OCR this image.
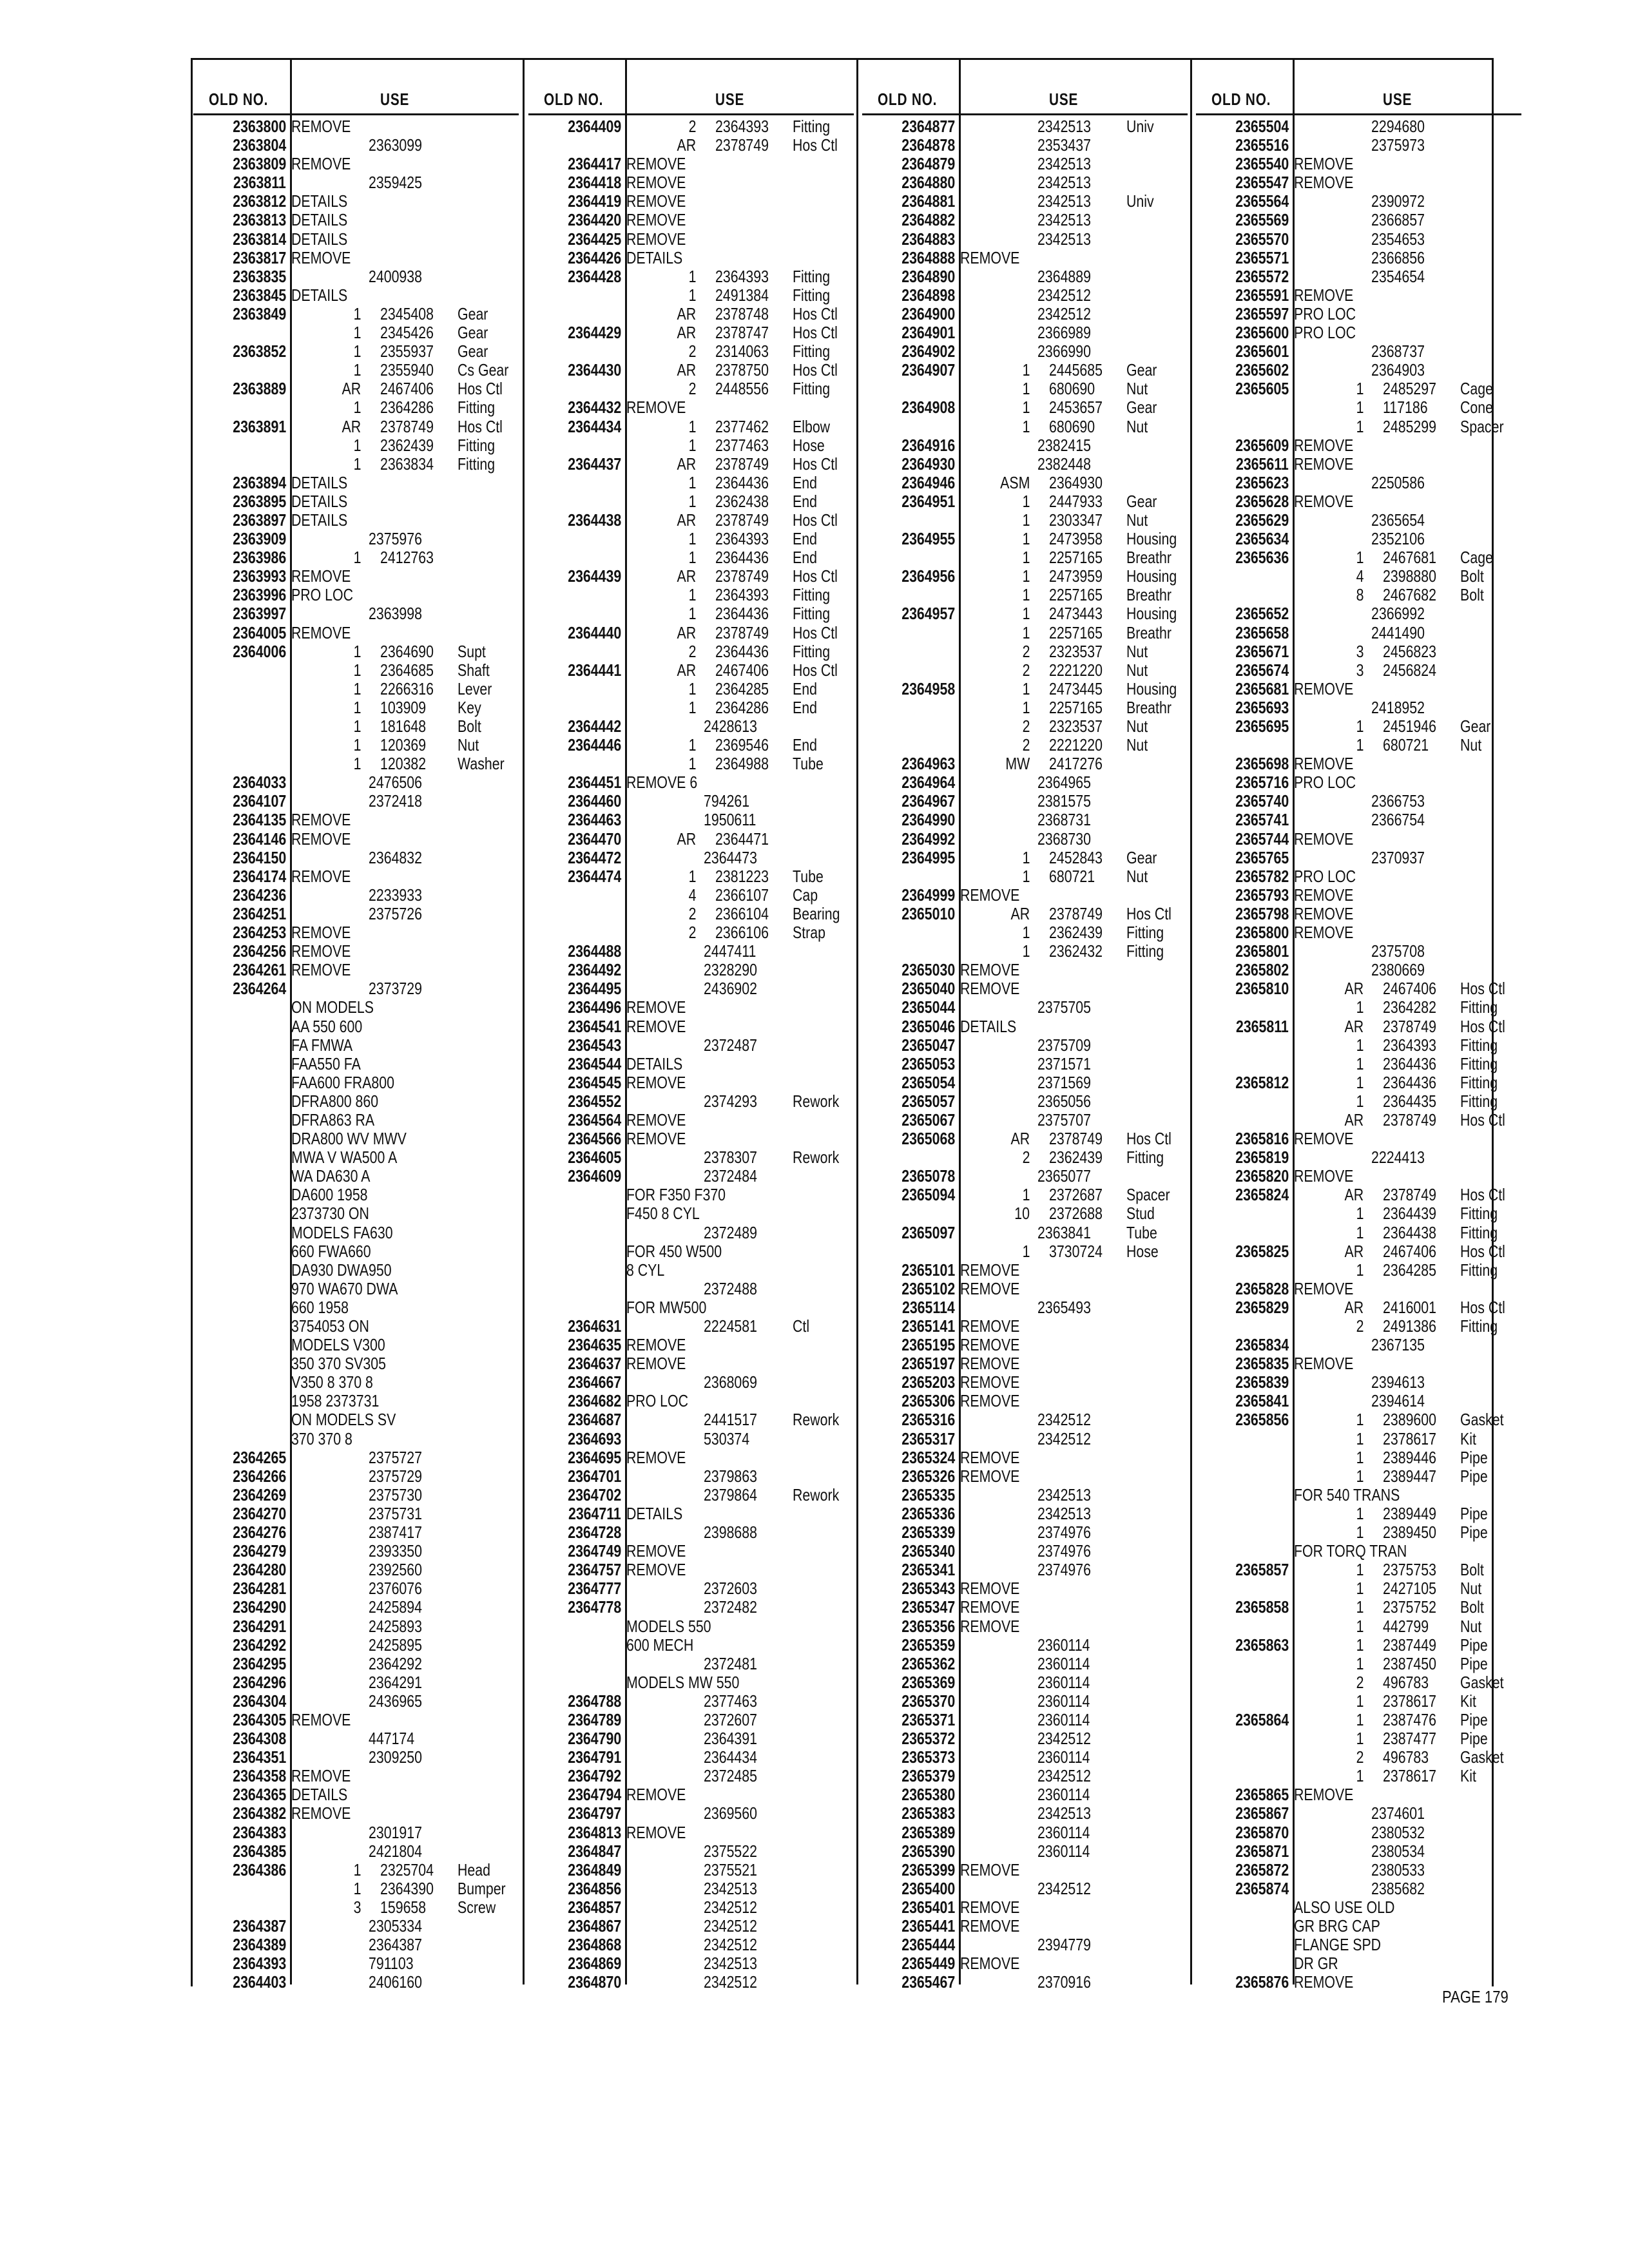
OLD NO.	USE
2363800 REMOVE
2363804	2363099
2363809 REMOVE
2363811	2359425
2363812 DETAILS
2363813 DETAILS
2363814 DETAILS
2363817 REMOVE
2363835	2400938
2363845 DETAILS
2363849	1 2345408 Gear
1 2345426 Gear
2363852	1 2355937 Gear
1 2355940 Cs Gear
2363889	AR 2467406 Hos Ctl
1 2364286 Fitting
2363891	AR 2378749 Hos Ctl
1 2362439 Fitting
1 2363834 Fitting
2363894 DETAILS
2363895 DETAILS
2363897 DETAILS
2363909	2375976
2363986	1 2412763
2363993 REMOVE
2363996 PRO LOC
2363997	2363998
2364005 REMOVE
2364006	1 2364690 Supt
1 2364685 Shaft
1 2266316 Lever
1 103909 Key
1 181648 Bolt
1 120369 Nut
1 120382 Washer
2364033	2476506
2364107	2372418
2364135 REMOVE
2364146 REMOVE
2364150	2364832
2364174 REMOVE
2364236	2233933
2364251	2375726
2364253 REMOVE
2364256 REMOVE
2364261 REMOVE
2364264	2373729
ON MODELS
AA 550 600
FA FMWA
FAA550 FA
FAA600 FRA800
DFRA800 860
DFRA863 RA
DRA800 WV MWV
MWA V WA500 A
WA DA630 A
DA600 1958
2373730 ON
MODELS FA630
660 FWA660
DA930 DWA950
970 WA670 DWA
660 1958
3754053 ON
MODELS V300
350 370 SV305
V350 8 370 8
1958 2373731
ON MODELS SV
370 370 8
2364265	2375727
2364266	2375729
2364269	2375730
2364270	2375731
2364276	2387417
2364279	2393350
2364280	2392560
2364281	2376076
2364290	2425894
2364291	2425893
2364292	2425895
2364295	2364292
2364296	2364291
2364304	2436965
2364305 REMOVE
2364308	447174
2364351	2309250
2364358 REMOVE
2364365 DETAILS
2364382 REMOVE
2364383	2301917
2364385	2421804
2364386	1 2325704 Head
1 2364390 Bumper
3 159658 Screw
2364387	2305334
2364389	2364387
2364393	791103
2364403	2406160
OLD NO.	USE
2364409	2 2364393 Fitting
AR 2378749 Hos Ctl
2364417 REMOVE
2364418 REMOVE
2364419 REMOVE
2364420 REMOVE
2364425 REMOVE
2364426 DETAILS
2364428	1 2364393 Fitting
1 2491384 Fitting
AR 2378748 Hos Ctl
2364429	AR 2378747 Hos Ctl
2 2314063 Fitting
2364430	AR 2378750 Hos Ctl
2 2448556 Fitting
2364432 REMOVE
2364434	1 2377462 Elbow
1 2377463 Hose
2364437	AR 2378749 Hos Ctl
1 2364436 End
1 2362438 End
2364438	AR 2378749 Hos Ctl
1 2364393 End
1 2364436 End
2364439	AR 2378749 Hos Ctl
1 2364393 Fitting
1 2364436 Fitting
2364440	AR 2378749 Hos Ctl
2 2364436 Fitting
2364441	AR 2467406 Hos Ctl
1 2364285 End
1 2364286 End
2364442	2428613
2364446	1 2369546 End
1 2364988 Tube
2364451 REMOVE 6
2364460	794261
2364463	1950611
2364470	AR 2364471
2364472	2364473
2364474	1 2381223 Tube
4 2366107 Cap
2 2366104 Bearing
2 2366106 Strap
2364488	2447411
2364492	2328290
2364495	2436902
2364496 REMOVE
2364541 REMOVE
2364543	2372487
2364544 DETAILS
2364545 REMOVE
2364552	2374293 Rework
2364564 REMOVE
2364566 REMOVE
2364605	2378307 Rework
2364609	2372484
FOR F350 F370
F450 8 CYL
2372489
FOR 450 W500
8 CYL
2372488
FOR MW500
2364631	2224581 Ctl
2364635 REMOVE
2364637 REMOVE
2364667	2368069
2364682 PRO LOC
2364687	2441517 Rework
2364693	530374
2364695 REMOVE
2364701	2379863
2364702	2379864 Rework
2364711 DETAILS
2364728	2398688
2364749 REMOVE
2364757 REMOVE
2364777	2372603
2364778	2372482
MODELS 550
600 MECH
2372481
MODELS MW 550
2364788	2377463
2364789	2372607
2364790	2364391
2364791	2364434
2364792	2372485
2364794 REMOVE
2364797	2369560
2364813 REMOVE
2364847	2375522
2364849	2375521
2364856	2342513
2364857	2342512
2364867	2342512
2364868	2342512
2364869	2342513
2364870	2342512
OLD NO.	USE
2364877	2342513 Univ
2364878	2353437
2364879	2342513
2364880	2342513
2364881	2342513 Univ
2364882	2342513
2364883	2342513
2364888 REMOVE
2364890	2364889
2364898	2342512
2364900	2342512
2364901	2366989
2364902	2366990
2364907	1 2445685 Gear
1 680690 Nut
2364908	1 2453657 Gear
1 680690 Nut
2364916	2382415
2364930	2382448
2364946	ASM 2364930
2364951	1 2447933 Gear
1 2303347 Nut
2364955	1 2473958 Housing
1 2257165 Breathr
2364956	1 2473959 Housing
1 2257165 Breathr
2364957	1 2473443 Housing
1 2257165 Breathr
2 2323537 Nut
2 2221220 Nut
2364958	1 2473445 Housing
1 2257165 Breathr
2 2323537 Nut
2 2221220 Nut
2364963	MW 2417276
2364964	2364965
2364967	2381575
2364990	2368731
2364992	2368730
2364995	1 2452843 Gear
1 680721 Nut
2364999 REMOVE
2365010	AR 2378749 Hos Ctl
1 2362439 Fitting
1 2362432 Fitting
2365030 REMOVE
2365040 REMOVE
2365044	2375705
2365046 DETAILS
2365047	2375709
2365053	2371571
2365054	2371569
2365057	2365056
2365067	2375707
2365068	AR 2378749 Hos Ctl
2 2362439 Fitting
2365078	2365077
2365094	1 2372687 Spacer
10 2372688 Stud
2365097	2363841 Tube
1 3730724 Hose
2365101 REMOVE
2365102 REMOVE
2365114	2365493
2365141 REMOVE
2365195 REMOVE
2365197 REMOVE
2365203 REMOVE
2365306 REMOVE
2365316	2342512
2365317	2342512
2365324 REMOVE
2365326 REMOVE
2365335	2342513
2365336	2342513
2365339	2374976
2365340	2374976
2365341	2374976
2365343 REMOVE
2365347 REMOVE
2365356 REMOVE
2365359	2360114
2365362	2360114
2365369	2360114
2365370	2360114
2365371	2360114
2365372	2342512
2365373	2360114
2365379	2342512
2365380	2360114
2365383	2342513
2365389	2360114
2365390	2360114
2365399 REMOVE
2365400	2342512
2365401 REMOVE
2365441 REMOVE
2365444	2394779
2365449 REMOVE
2365467	2370916
OLD NO.	USE
2365504	2294680
2365516	2375973
2365540 REMOVE
2365547 REMOVE
2365564	2390972
2365569	2366857
2365570	2354653
2365571	2366856
2365572	2354654
2365591 REMOVE
2365597 PRO LOC
2365600 PRO LOC
2365601	2368737
2365602	2364903
2365605	1 2485297 Cage
1 117186 Cone
1 2485299 Spacer
2365609 REMOVE
2365611 REMOVE
2365623	2250586
2365628 REMOVE
2365629	2365654
2365634	2352106
2365636	1 2467681 Cage
4 2398880 Bolt
8 2467682 Bolt
2365652	2366992
2365658	2441490
2365671	3 2456823
2365674	3 2456824
2365681 REMOVE
2365693	2418952
2365695	1 2451946 Gear
1 680721 Nut
2365698 REMOVE
2365716 PRO LOC
2365740	2366753
2365741	2366754
2365744 REMOVE
2365765	2370937
2365782 PRO LOC
2365793 REMOVE
2365798 REMOVE
2365800 REMOVE
2365801	2375708
2365802	2380669
2365810	AR 2467406 Hos Ctl
1 2364282 Fitting
2365811	AR 2378749 Hos Ctl
1 2364393 Fitting
1 2364436 Fitting
2365812	1 2364436 Fitting
1 2364435 Fitting
AR 2378749 Hos Ctl
2365816 REMOVE
2365819	2224413
2365820 REMOVE
2365824	AR 2378749 Hos Ctl
1 2364439 Fitting
1 2364438 Fitting
2365825	AR 2467406 Hos Ctl
1 2364285 Fitting
2365828 REMOVE
2365829	AR 2416001 Hos Ctl
2 2491386 Fitting
2365834	2367135
2365835 REMOVE
2365839	2394613
2365841	2394614
2365856	1 2389600 Gasket
1 2378617 Kit
1 2389446 Pipe
1 2389447 Pipe
FOR 540 TRANS
1 2389449 Pipe
1 2389450 Pipe
FOR TORQ TRAN
2365857	1 2375753 Bolt
1 2427105 Nut
2365858	1 2375752 Bolt
1 442799 Nut
2365863	1 2387449 Pipe
1 2387450 Pipe
2 496783 Gasket
1 2378617 Kit
2365864	1 2387476 Pipe
1 2387477 Pipe
2 496783 Gasket
1 2378617 Kit
2365865 REMOVE
2365867	2374601
2365870	2380532
2365871	2380534
2365872	2380533
2365874	2385682
ALSO USE OLD
GR BRG CAP
FLANGE SPD
DR GR
2365876 REMOVE
PAGE 179
